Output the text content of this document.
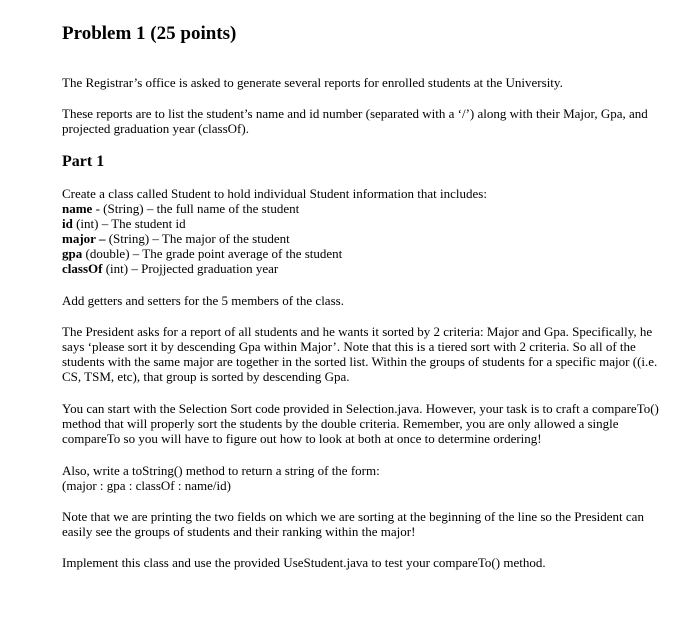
Problem 1 (25 points)

The Registrar’s office is asked to generate several reports for enrolled students at the University.

These reports are to list the student’s name and id number (separated with a ‘/’) along with their Major, Gpa, and projected graduation year (classOf).

Part 1
Create a class called Student to hold individual Student information that includes:
name - (String) – the full name of the student
id (int) – The student id
major – (String) – The major of the student
gpa (double) – The grade point average of the student
classOf (int) – Projjected graduation year

Add getters and setters for the 5 members of the class.

The President asks for a report of all students and he wants it sorted by 2 criteria: Major and Gpa. Specifically, he says ‘please sort it by descending Gpa within Major’. Note that this is a tiered sort with 2 criteria. So all of the students with the same major are together in the sorted list. Within the groups of students for a specific major ((i.e. CS, TSM, etc), that group is sorted by descending Gpa.

You can start with the Selection Sort code provided in Selection.java. However, your task is to craft a compareTo() method that will properly sort the students by the double criteria. Remember, you are only allowed a single compareTo so you will have to figure out how to look at both at once to determine ordering!

Also, write a toString() method to return a string of the form:
(major : gpa : classOf : name/id)

Note that we are printing the two fields on which we are sorting at the beginning of the line so the President can easily see the groups of students and their ranking within the major!

Implement this class and use the provided UseStudent.java to test your compareTo() method.
